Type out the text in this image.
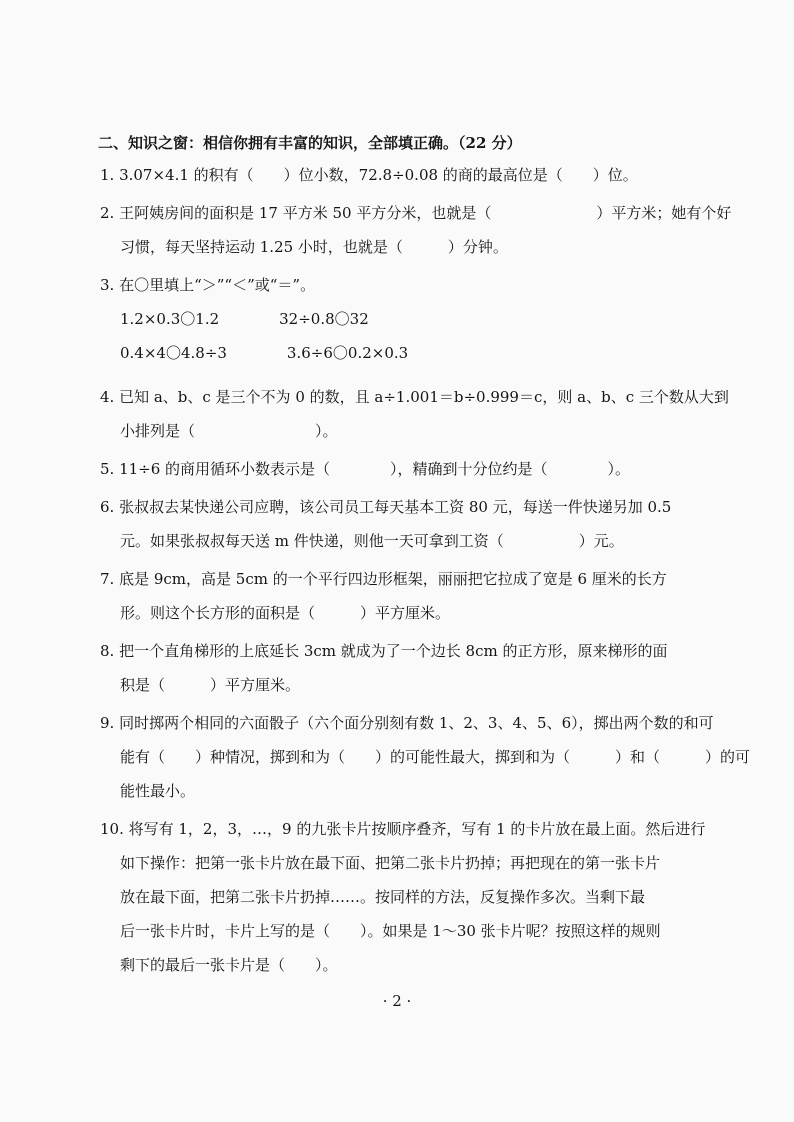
二、知识之窗：相信你拥有丰富的知识，全部填正确。（22 分）
1. 3.07×4.1 的积有（　　）位小数，72.8÷0.08 的商的最高位是（　　）位。
2. 王阿姨房间的面积是 17 平方米 50 平方分米，也就是（　　　　　　　）平方米；她有个好
习惯，每天坚持运动 1.25 小时，也就是（　　　）分钟。
3. 在〇里填上“＞”“＜”或“＝”。
1.2×0.3〇1.2　　　　32÷0.8〇32
0.4×4〇4.8÷3　　　　3.6÷6〇0.2×0.3
4. 已知 a、b、c 是三个不为 0 的数，且 a÷1.001＝b÷0.999＝c，则 a、b、c 三个数从大到
小排列是（　　　　　　　　）。
5. 11÷6 的商用循环小数表示是（　　　　），精确到十分位约是（　　　　）。
6. 张叔叔去某快递公司应聘，该公司员工每天基本工资 80 元，每送一件快递另加 0.5
元。如果张叔叔每天送 m 件快递，则他一天可拿到工资（　　　　　）元。
7. 底是 9cm，高是 5cm 的一个平行四边形框架，丽丽把它拉成了宽是 6 厘米的长方
形。则这个长方形的面积是（　　　）平方厘米。
8. 把一个直角梯形的上底延长 3cm 就成为了一个边长 8cm 的正方形，原来梯形的面
积是（　　　）平方厘米。
9. 同时掷两个相同的六面骰子（六个面分别刻有数 1、2、3、4、5、6），掷出两个数的和可
能有（　　）种情况，掷到和为（　　）的可能性最大，掷到和为（　　　）和（　　　）的可
能性最小。
10. 将写有 1，2，3，…，9 的九张卡片按顺序叠齐，写有 1 的卡片放在最上面。然后进行
如下操作：把第一张卡片放在最下面、把第二张卡片扔掉；再把现在的第一张卡片
放在最下面，把第二张卡片扔掉……。按同样的方法，反复操作多次。当剩下最
后一张卡片时，卡片上写的是（　　）。如果是 1～30 张卡片呢？按照这样的规则
剩下的最后一张卡片是（　　）。
· 2 ·
